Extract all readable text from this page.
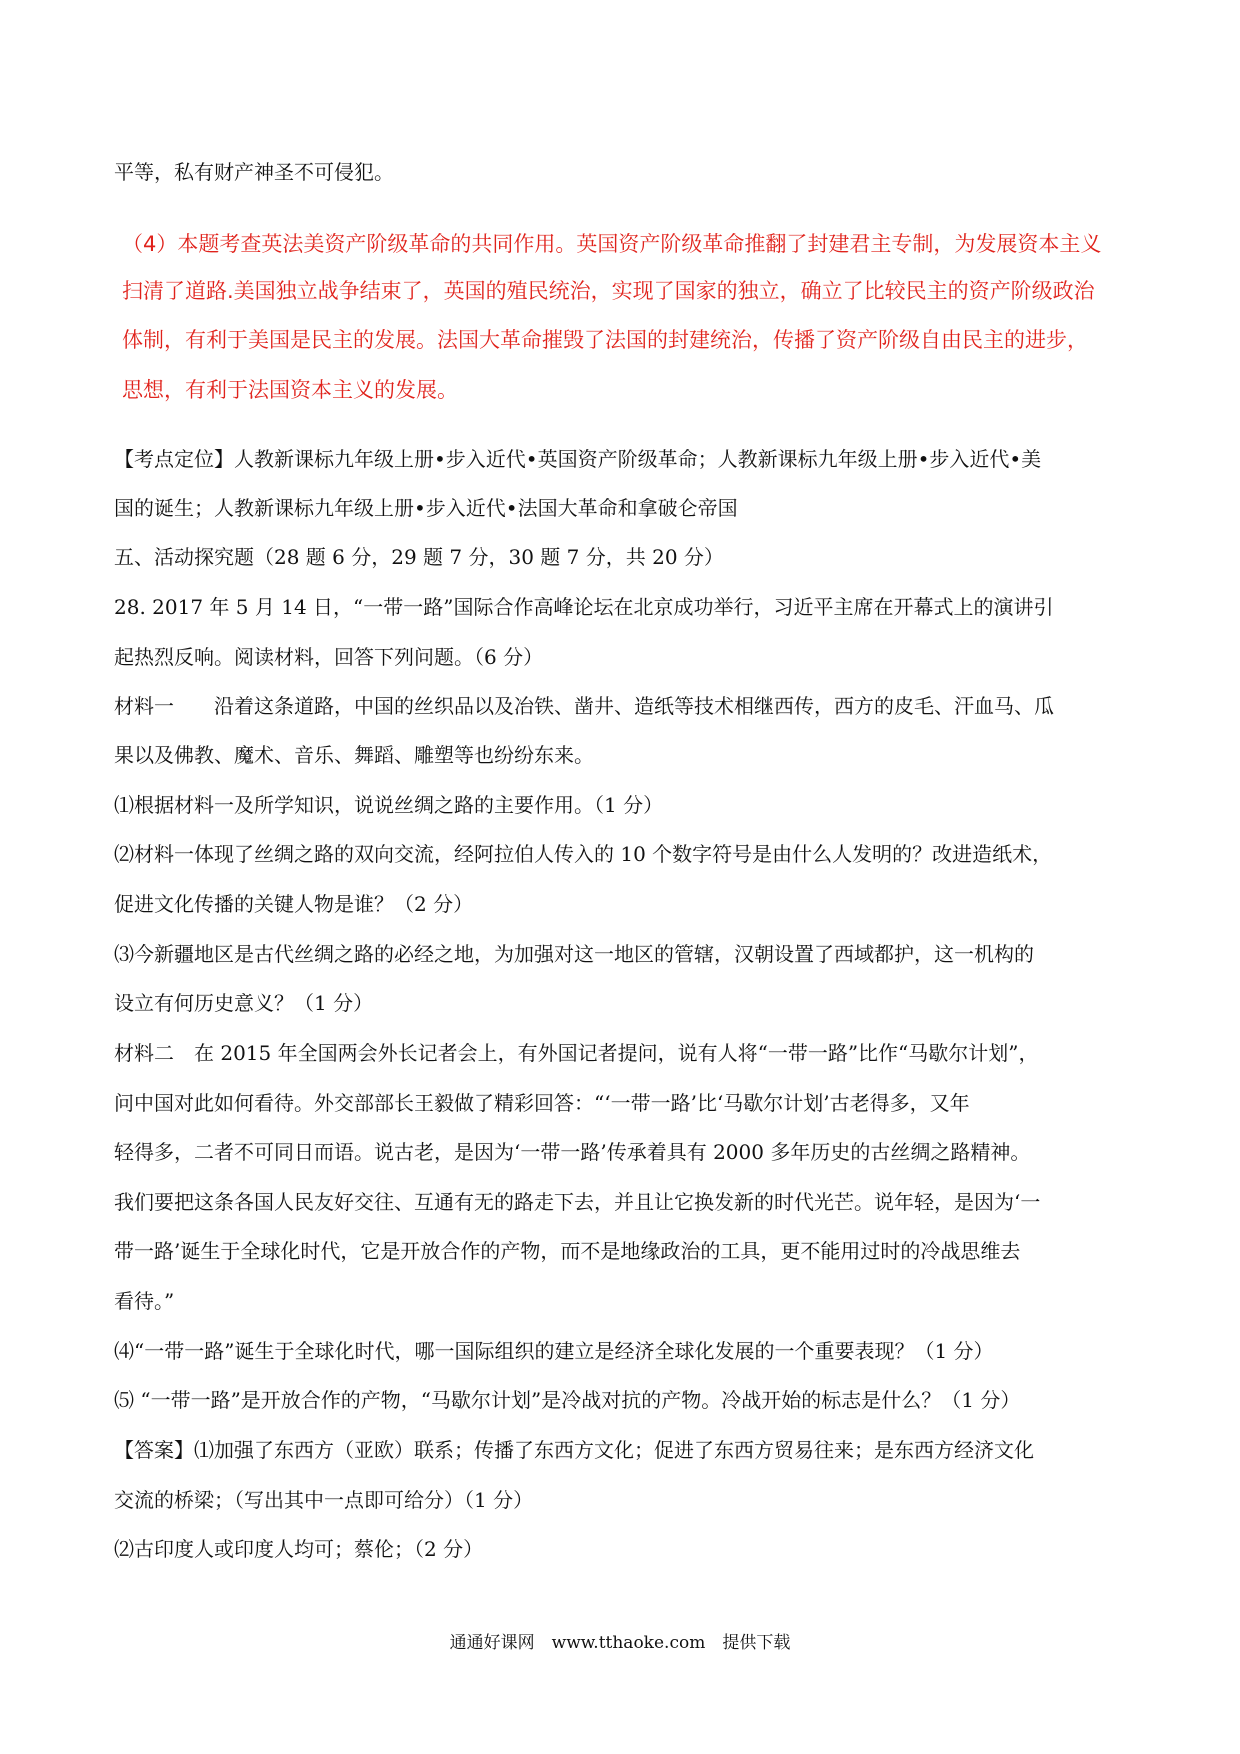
平等，私有财产神圣不可侵犯。
（4）本题考查英法美资产阶级革命的共同作用。英国资产阶级革命推翻了封建君主专制，为发展资本主义
扫清了道路.美国独立战争结束了，英国的殖民统治，实现了国家的独立，确立了比较民主的资产阶级政治
体制，有利于美国是民主的发展。法国大革命摧毁了法国的封建统治，传播了资产阶级自由民主的进步，
思想，有利于法国资本主义的发展。
【考点定位】人教新课标九年级上册•步入近代•英国资产阶级革命；人教新课标九年级上册•步入近代•美
国的诞生；人教新课标九年级上册•步入近代•法国大革命和拿破仑帝国
五、活动探究题（28 题 6 分，29 题 7 分，30 题 7 分，共 20 分）
28. 2017 年 5 月 14 日，“一带一路”国际合作高峰论坛在北京成功举行，习近平主席在开幕式上的演讲引
起热烈反响。阅读材料，回答下列问题。（6 分）
材料一　　沿着这条道路，中国的丝织品以及冶铁、凿井、造纸等技术相继西传，西方的皮毛、汗血马、瓜
果以及佛教、魔术、音乐、舞蹈、雕塑等也纷纷东来。
⑴根据材料一及所学知识，说说丝绸之路的主要作用。（1 分）
⑵材料一体现了丝绸之路的双向交流，经阿拉伯人传入的 10 个数字符号是由什么人发明的？改进造纸术，
促进文化传播的关键人物是谁？（2 分）
⑶今新疆地区是古代丝绸之路的必经之地，为加强对这一地区的管辖，汉朝设置了西域都护，这一机构的
设立有何历史意义？（1 分）
材料二　在 2015 年全国两会外长记者会上，有外国记者提问，说有人将“一带一路”比作“马歇尔计划”，
问中国对此如何看待。外交部部长王毅做了精彩回答：“‘一带一路’比‘马歇尔计划’古老得多，又年
轻得多，二者不可同日而语。说古老，是因为‘一带一路’传承着具有 2000 多年历史的古丝绸之路精神。
我们要把这条各国人民友好交往、互通有无的路走下去，并且让它换发新的时代光芒。说年轻，是因为‘一
带一路’诞生于全球化时代，它是开放合作的产物，而不是地缘政治的工具，更不能用过时的冷战思维去
看待。”
⑷“一带一路”诞生于全球化时代，哪一国际组织的建立是经济全球化发展的一个重要表现？（1 分）
⑸ “一带一路”是开放合作的产物，“马歇尔计划”是冷战对抗的产物。冷战开始的标志是什么？（1 分）
【答案】⑴加强了东西方（亚欧）联系；传播了东西方文化；促进了东西方贸易往来；是东西方经济文化
交流的桥梁；（写出其中一点即可给分）（1 分）
⑵古印度人或印度人均可；蔡伦；（2 分）
通通好课网　www.tthaoke.com　提供下载
